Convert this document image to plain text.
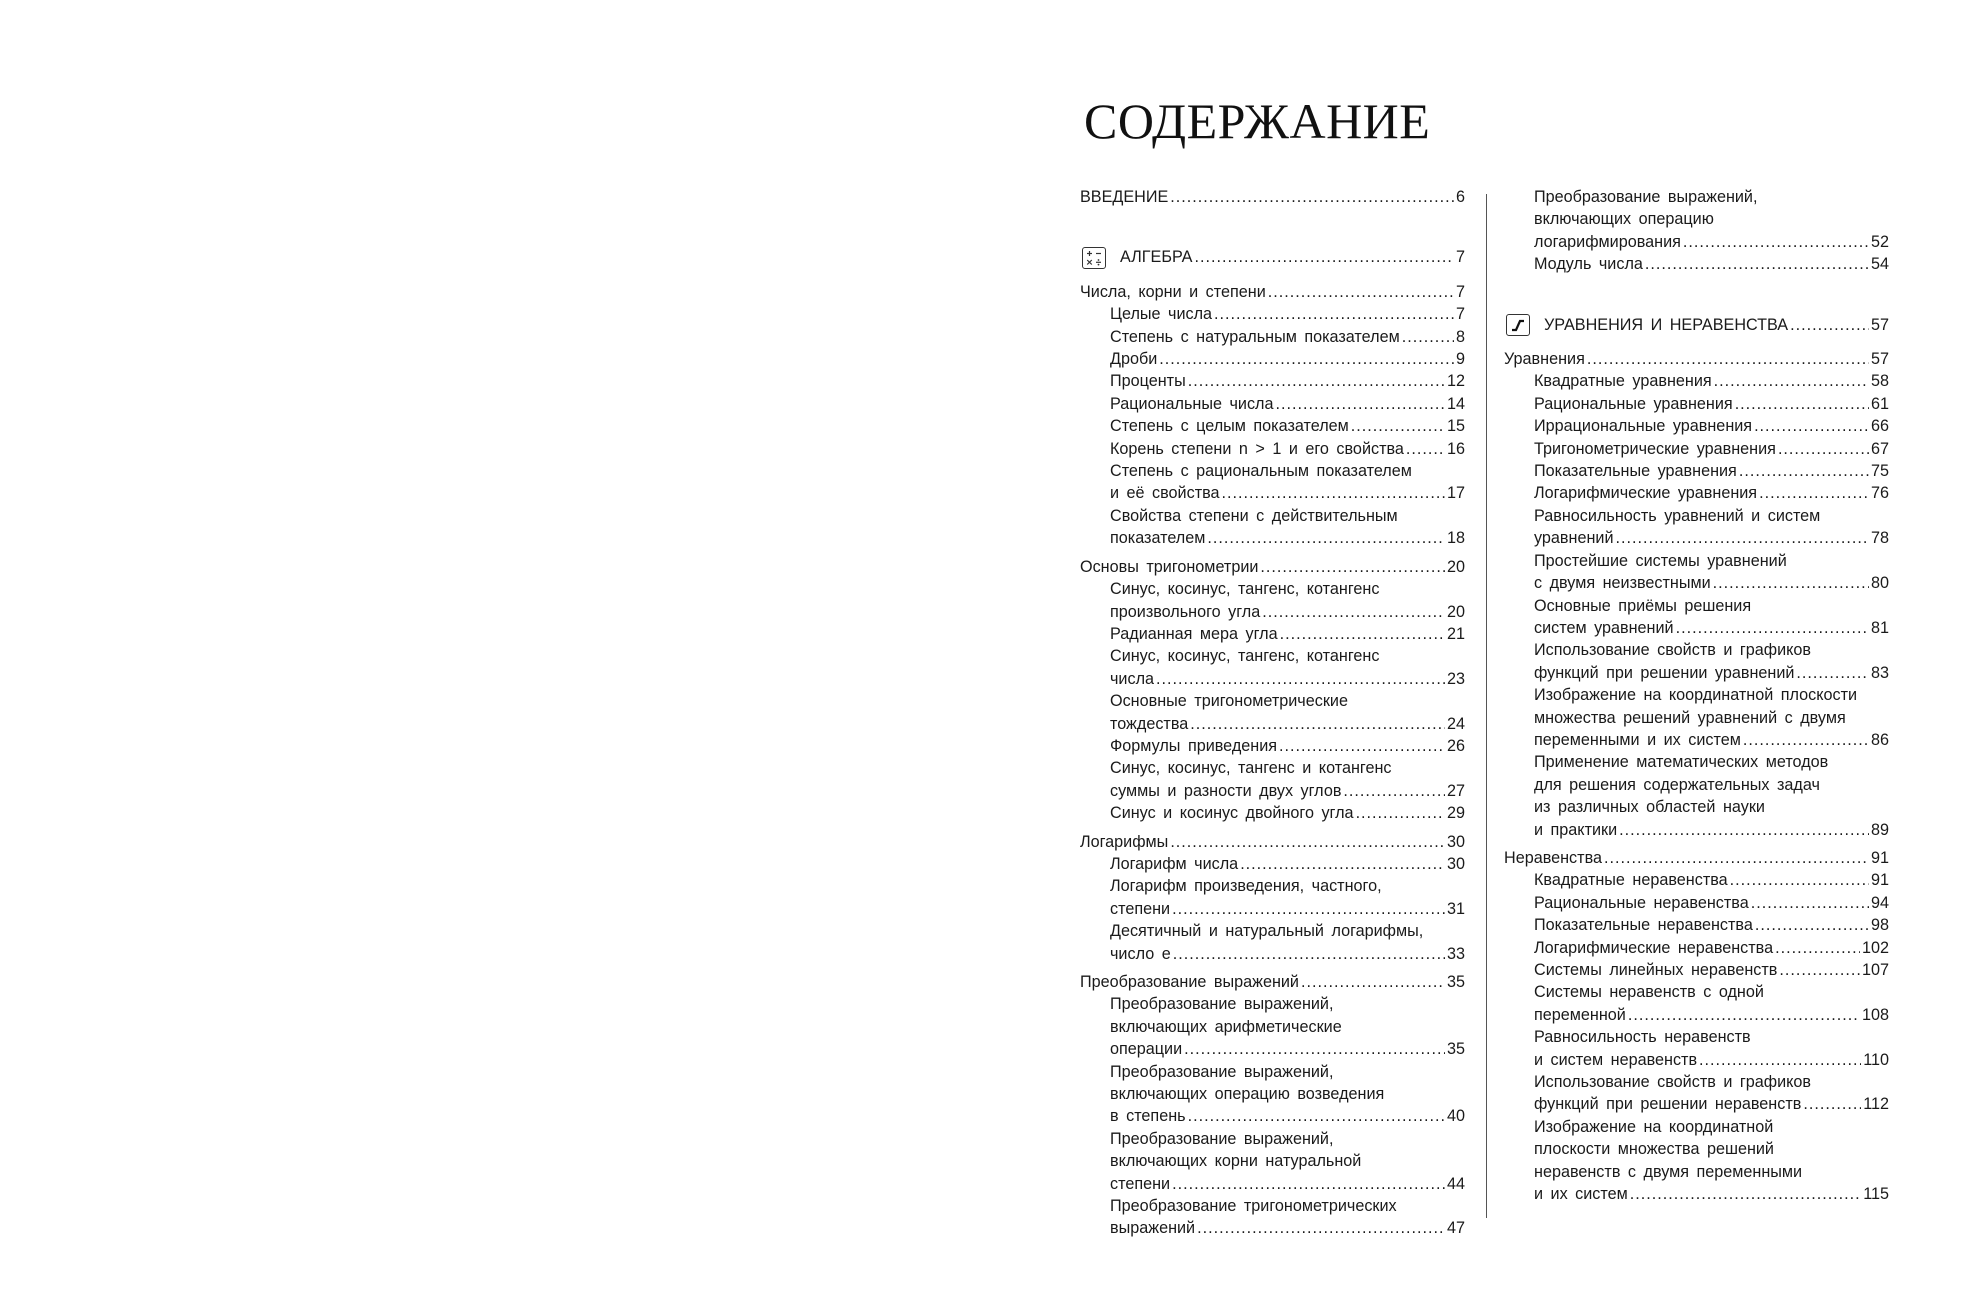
СОДЕРЖАНИЕ
ВВЕДЕНИЕ .....	6
АЛГЕБРА .....	7
Числа, корни и степени .....	7
Целые числа .....	7
Степень с натуральным показателем .....	8
Дроби .....	9
Проценты .....	12
Рациональные числа .....	14
Степень с целым показателем .....	15
Корень степени n > 1 и его свойства .....	16
Степень с рациональным показателем
и её свойства .....	17
Свойства степени с действительным
показателем .....	18
Основы тригонометрии .....	20
Синус, косинус, тангенс, котангенс
произвольного угла .....	20
Радианная мера угла .....	21
Синус, косинус, тангенс, котангенс
числа .....	23
Основные тригонометрические
тождества .....	24
Формулы приведения .....	26
Синус, косинус, тангенс и котангенс
суммы и разности двух углов .....	27
Синус и косинус двойного угла .....	29
Логарифмы .....	30
Логарифм числа .....	30
Логарифм произведения, частного,
степени .....	31
Десятичный и натуральный логарифмы,
число e .....	33
Преобразование выражений .....	35
Преобразование выражений,
включающих арифметические
операции .....	35
Преобразование выражений,
включающих операцию возведения
в степень .....	40
Преобразование выражений,
включающих корни натуральной
степени .....	44
Преобразование тригонометрических
выражений .....	47
Преобразование выражений,
включающих операцию
логарифмирования .....	52
Модуль числа .....	54
УРАВНЕНИЯ И НЕРАВЕНСТВА .....	57
Уравнения .....	57
Квадратные уравнения .....	58
Рациональные уравнения .....	61
Иррациональные уравнения .....	66
Тригонометрические уравнения .....	67
Показательные уравнения .....	75
Логарифмические уравнения .....	76
Равносильность уравнений и систем
уравнений .....	78
Простейшие системы уравнений
с двумя неизвестными .....	80
Основные приёмы решения
систем уравнений .....	81
Использование свойств и графиков
функций при решении уравнений .....	83
Изображение на координатной плоскости
множества решений уравнений с двумя
переменными и их систем .....	86
Применение математических методов
для решения содержательных задач
из различных областей науки
и практики .....	89
Неравенства .....	91
Квадратные неравенства .....	91
Рациональные неравенства .....	94
Показательные неравенства .....	98
Логарифмические неравенства .....	102
Системы линейных неравенств .....	107
Системы неравенств с одной
переменной .....	108
Равносильность неравенств
и систем неравенств .....	110
Использование свойств и графиков
функций при решении неравенств .....	112
Изображение на координатной
плоскости множества решений
неравенств с двумя переменными
и их систем .....	115
